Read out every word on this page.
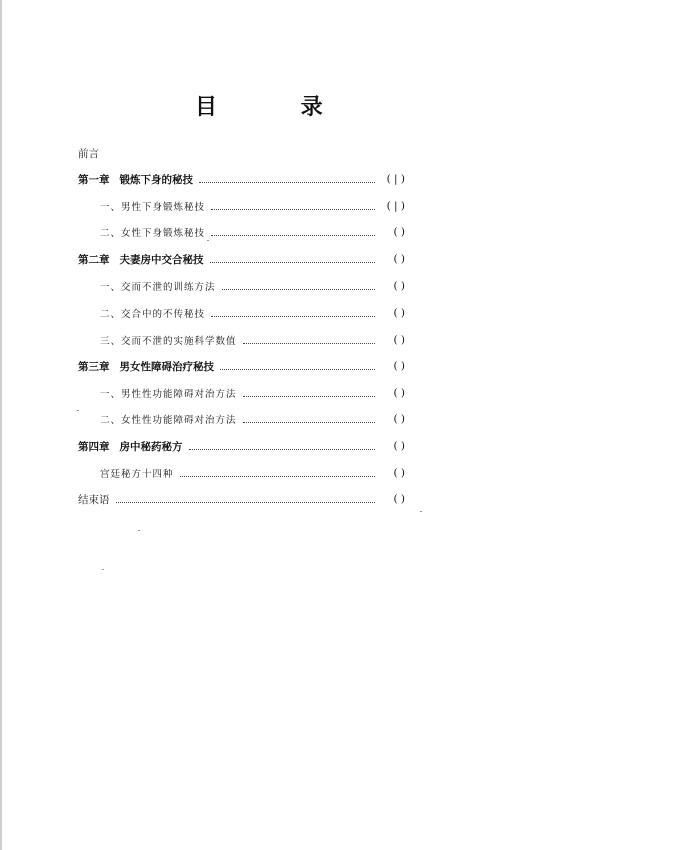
目 录
前言
第一章 锻炼下身的秘技	( | )
一、男性下身锻炼秘技	( | )
二、女性下身锻炼秘技	( )
第二章 夫妻房中交合秘技	( )
一、交而不泄的训练方法	( )
二、交合中的不传秘技	( )
三、交而不泄的实施科学数值	( )
第三章 男女性障碍治疗秘技	( )
一、男性性功能障碍对治方法	( )
二、女性性功能障碍对治方法	( )
第四章 房中秘药秘方	( )
宫廷秘方十四种	( )
结束语	( )
